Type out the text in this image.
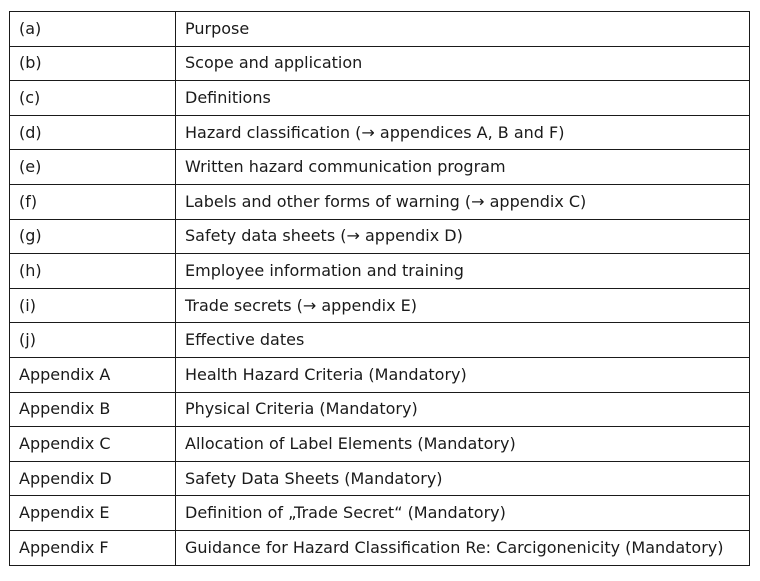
(a)	Purpose
(b)	Scope and application
(c)	Definitions
(d)	Hazard classification (→ appendices A, B and F)
(e)	Written hazard communication program
(f)	Labels and other forms of warning (→ appendix C)
(g)	Safety data sheets (→ appendix D)
(h)	Employee information and training
(i)	Trade secrets (→ appendix E)
(j)	Effective dates
Appendix A	Health Hazard Criteria (Mandatory)
Appendix B	Physical Criteria (Mandatory)
Appendix C	Allocation of Label Elements (Mandatory)
Appendix D	Safety Data Sheets (Mandatory)
Appendix E	Definition of „Trade Secret“ (Mandatory)
Appendix F	Guidance for Hazard Classification Re: Carcigonenicity (Mandatory)
